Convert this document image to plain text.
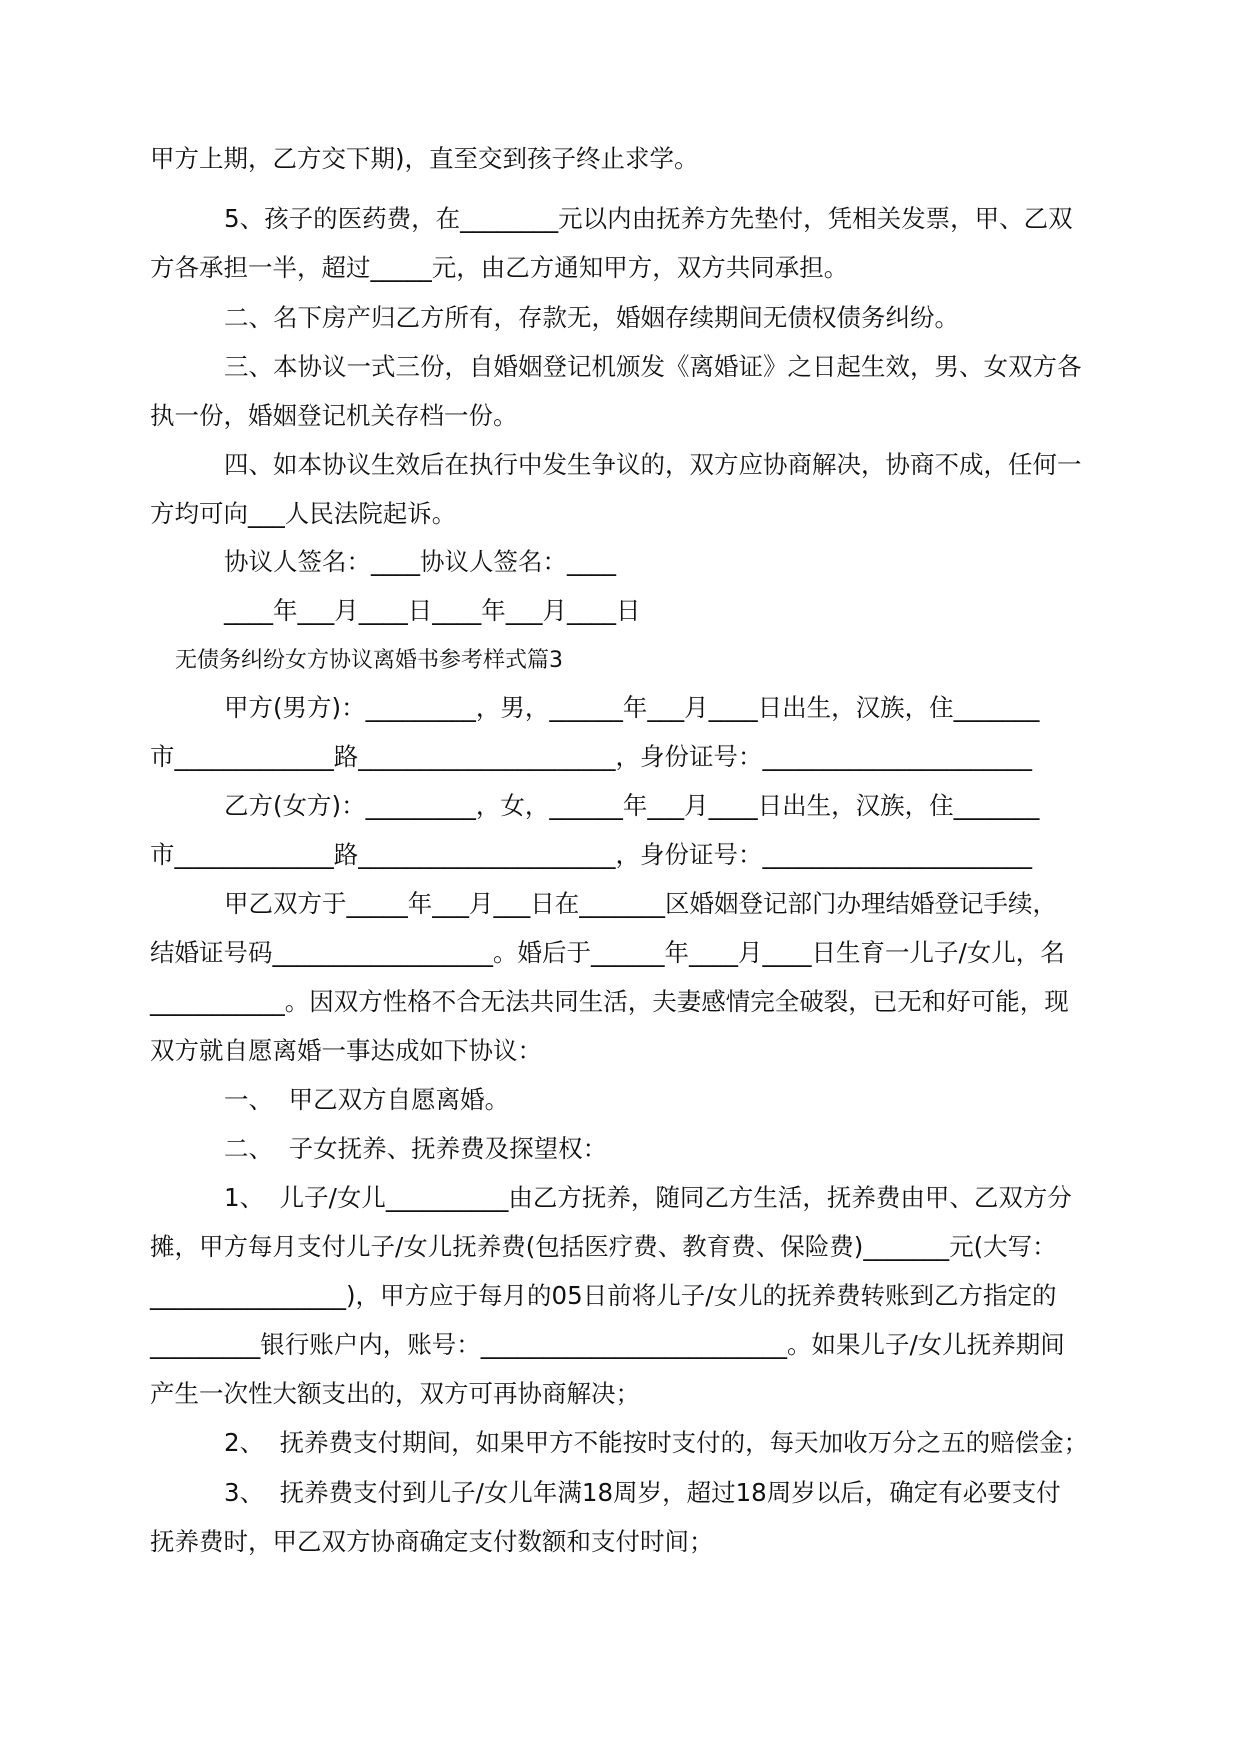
甲方上期，乙方交下期)，直至交到孩子终止求学。
5、孩子的医药费，在________元以内由抚养方先垫付，凭相关发票，甲、乙双
方各承担一半，超过_____元，由乙方通知甲方，双方共同承担。
二、名下房产归乙方所有，存款无，婚姻存续期间无债权债务纠纷。
三、本协议一式三份，自婚姻登记机颁发《离婚证》之日起生效，男、女双方各
执一份，婚姻登记机关存档一份。
四、如本协议生效后在执行中发生争议的，双方应协商解决，协商不成，任何一
方均可向___人民法院起诉。
协议人签名：____协议人签名：____
____年___月____日____年___月____日
无债务纠纷女方协议离婚书参考样式篇3
甲方(男方)：_________，男，______年___月____日出生，汉族，住_______
市_____________路_____________________，身份证号：______________________
乙方(女方)：_________，女，______年___月____日出生，汉族，住_______
市_____________路_____________________，身份证号：______________________
甲乙双方于_____年___月___日在_______区婚姻登记部门办理结婚登记手续，
结婚证号码__________________。婚后于______年____月____日生育一儿子/女儿，名
___________。因双方性格不合无法共同生活，夫妻感情完全破裂，已无和好可能，现
双方就自愿离婚一事达成如下协议：
一、  甲乙双方自愿离婚。
二、  子女抚养、抚养费及探望权：
1、  儿子/女儿__________由乙方抚养，随同乙方生活，抚养费由甲、乙双方分
摊，甲方每月支付儿子/女儿抚养费(包括医疗费、教育费、保险费)_______元(大写：
________________)，甲方应于每月的05日前将儿子/女儿的抚养费转账到乙方指定的
_________银行账户内，账号：_________________________。如果儿子/女儿抚养期间
产生一次性大额支出的，双方可再协商解决；
2、  抚养费支付期间，如果甲方不能按时支付的，每天加收万分之五的赔偿金；
3、  抚养费支付到儿子/女儿年满18周岁，超过18周岁以后，确定有必要支付
抚养费时，甲乙双方协商确定支付数额和支付时间；
